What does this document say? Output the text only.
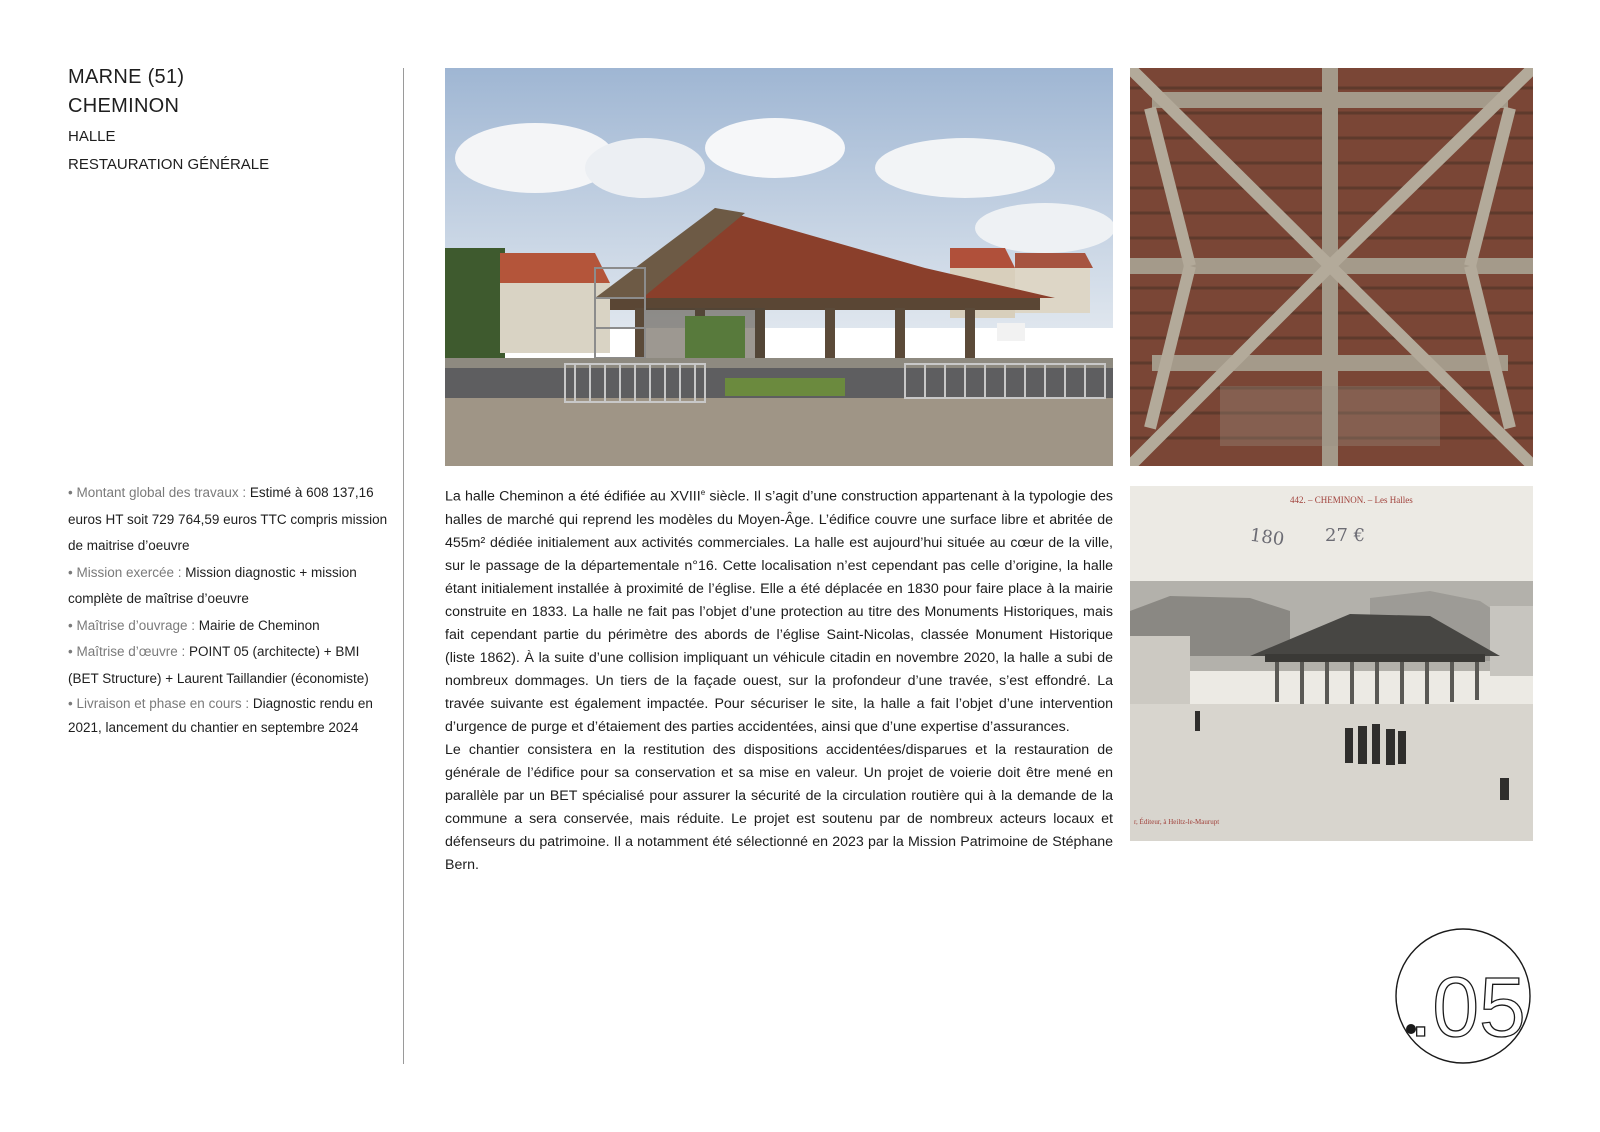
MARNE (51)
CHEMINON
HALLE
RESTAURATION GÉNÉRALE

• Montant global des travaux : Estimé à 608 137,16 euros HT soit 729 764,59 euros TTC compris mission de maitrise d’oeuvre

• Mission exercée : Mission diagnostic + mission complète de maîtrise d’oeuvre

• Maîtrise d’ouvrage : Mairie de Cheminon

• Maîtrise d’œuvre : POINT 05 (architecte) + BMI (BET Structure) + Laurent Taillandier (économiste)

• Livraison et phase en cours : Diagnostic rendu en 2021, lancement du chantier en septembre 2024

442. – CHEMINON. – Les Halles
180 27 €
r, Éditeur, à Heiltz-le-Maurupt

La halle Cheminon a été édifiée au XVIIIe siècle. Il s’agit d’une construction appartenant à la typologie des halles de marché qui reprend les modèles du Moyen-Âge. L’édifice couvre une surface libre et abritée de 455m² dédiée initialement aux activités commerciales. La halle est aujourd’hui située au cœur de la ville, sur le passage de la départementale n°16. Cette localisation n’est cependant pas celle d’origine, la halle étant initialement installée à proximité de l’église. Elle a été déplacée en 1830 pour faire place à la mairie construite en 1833. La halle ne fait pas l’objet d’une protection au titre des Monuments Historiques, mais fait cependant partie du périmètre des abords de l’église Saint-Nicolas, classée Monument Historique (liste 1862). À la suite d’une collision impliquant un véhicule citadin en novembre 2020, la halle a subi de nombreux dommages. Un tiers de la façade ouest, sur la profondeur d’une travée, s’est effondré. La travée suivante est également impactée. Pour sécuriser le site, la halle a fait l’objet d’une intervention d’urgence de purge et d’étaiement des parties accidentées, ainsi que d’une expertise d’assurances.

Le chantier consistera en la restitution des dispositions accidentées/disparues et la restauration de générale de l’édifice pour sa conservation et sa mise en valeur. Un projet de voierie doit être mené en parallèle par un BET spécialisé pour assurer la sécurité de la circulation routière qui à la demande de la commune a sera conservée, mais réduite. Le projet est soutenu par de nombreux acteurs locaux et défenseurs du patrimoine. Il a notamment été sélectionné en 2023 par la Mission Patrimoine de Stéphane Bern.

.05
